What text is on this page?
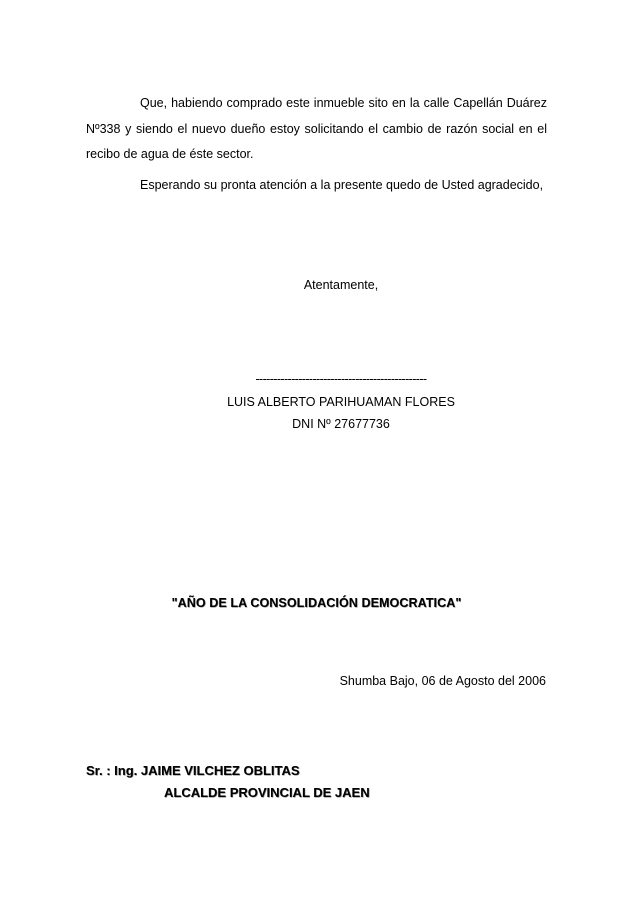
Que, habiendo comprado este inmueble sito en la calle Capellán Duárez Nº338 y siendo el nuevo dueño estoy solicitando el cambio de razón social en el recibo de agua de éste sector.

Esperando su pronta atención a la presente quedo de Usted agradecido,

Atentamente,

------------------------------------------------

LUIS ALBERTO PARIHUAMAN FLORES

DNI Nº 27677736

"AÑO DE LA CONSOLIDACIÓN DEMOCRATICA"

Shumba Bajo, 06 de Agosto del 2006

Sr. : Ing. JAIME VILCHEZ OBLITAS

ALCALDE PROVINCIAL DE JAEN
